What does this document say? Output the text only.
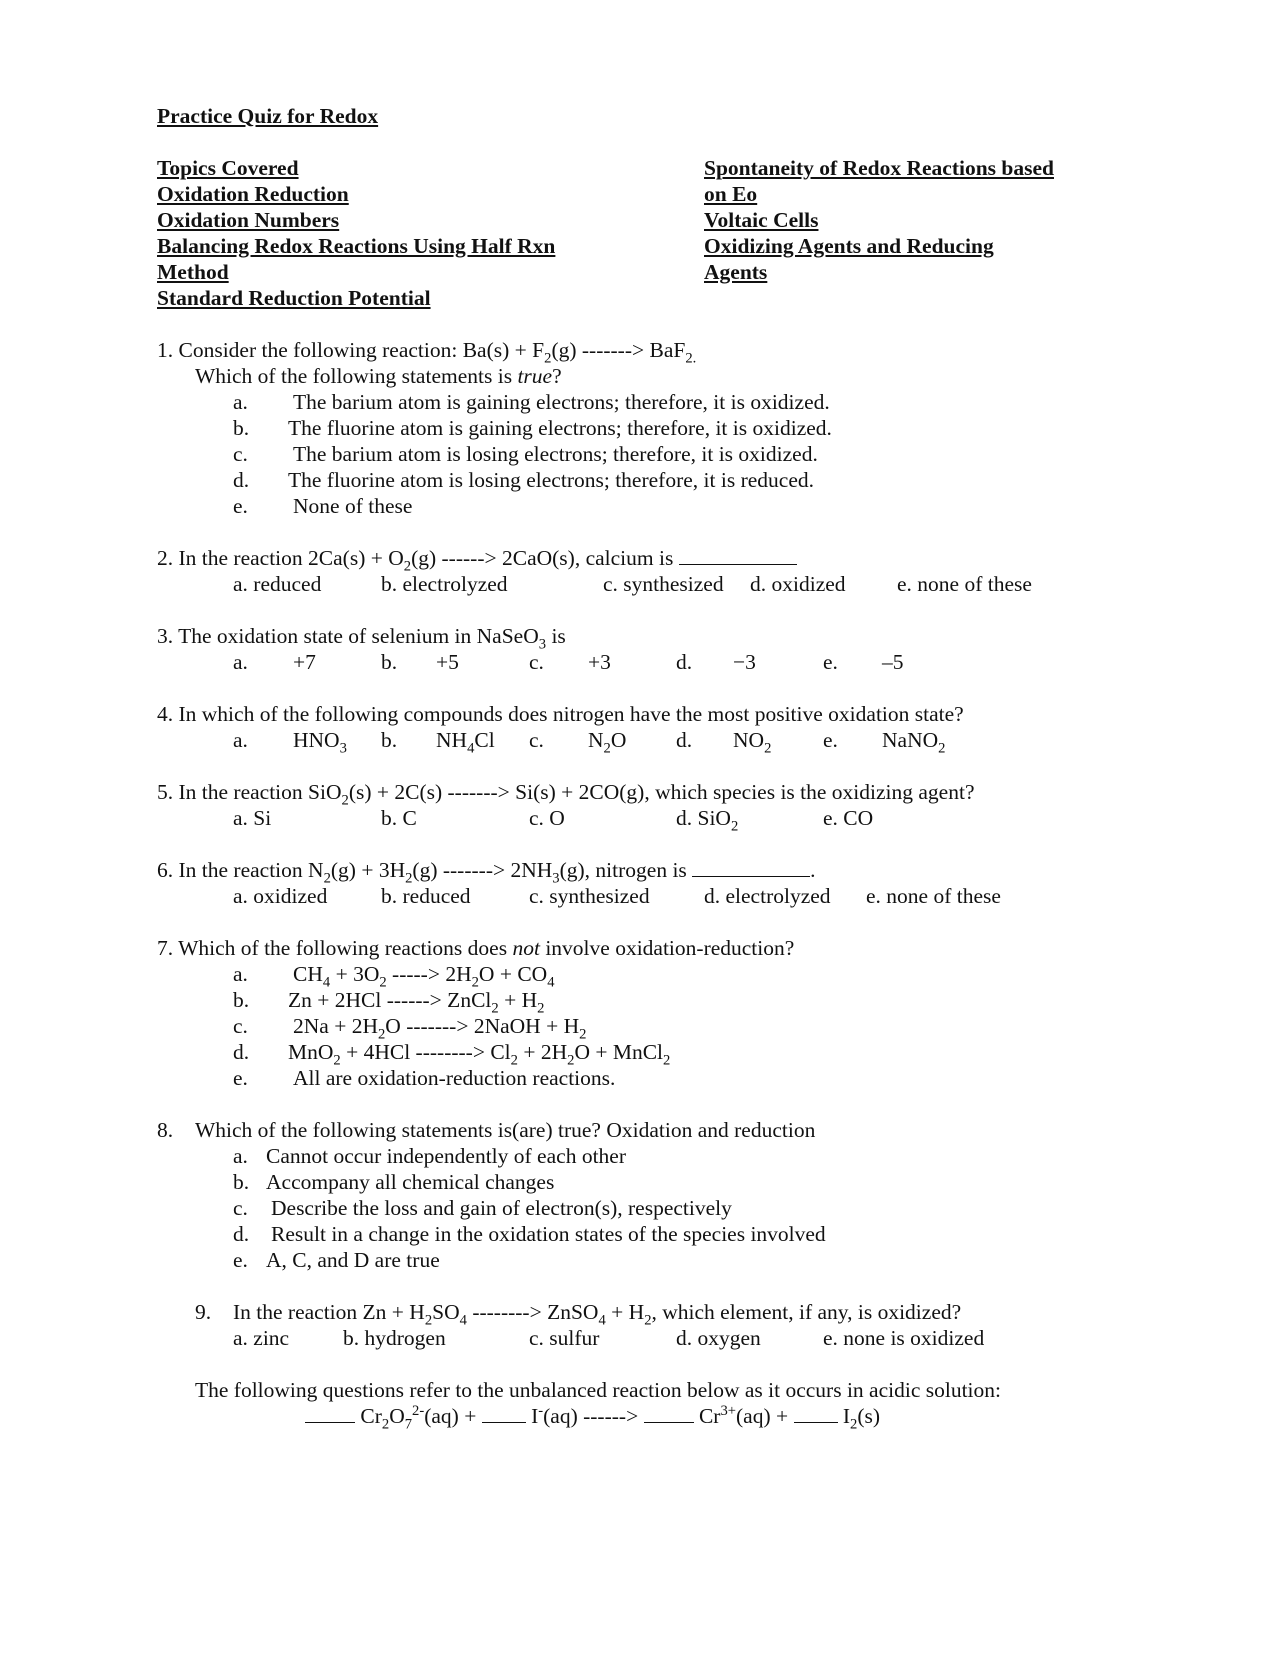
Practice Quiz for Redox
Topics Covered
Oxidation Reduction
Oxidation Numbers
Balancing Redox Reactions Using Half Rxn
Method
Standard Reduction Potential
Spontaneity of Redox Reactions based
on Eo
Voltaic Cells
Oxidizing Agents and Reducing
Agents
1. Consider the following reaction: $Ba(s) + F_2(g)$ -------> BaF$_{2.}$
Which of the following statements is true?
a. The barium atom is gaining electrons; therefore, it is oxidized.
b. The fluorine atom is gaining electrons; therefore, it is oxidized.
c. The barium atom is losing electrons; therefore, it is oxidized.
d. The fluorine atom is losing electrons; therefore, it is reduced.
e. None of these
2. In the reaction $2Ca(s) + O_2(g)$ ------> 2CaO(s), calcium is
a. reduced	b. electrolyzed	c. synthesized d. oxidized e. none of these
3. The oxidation state of selenium in NaSeO$_3$ is
a. +7	b. +5	c. +3	d. −3	e. –5
4. In which of the following compounds does nitrogen have the most positive oxidation state?
a. $HNO_3$ b. $NH_4Cl$ c. $N_2O$ d. $NO_2$ e. NaNO$_2$
5. In the reaction SiO$_2$(s) + 2C(s) -------> Si(s) + 2CO(g), which species is the oxidizing agent?
a. Si	b. C	c. O	d. SiO$_2$	e. CO
6. In the reaction $N_2(g) + 3H_2(g)$ -------> $2NH_3(g)$, nitrogen is	.
a. oxidized b. reduced	c. synthesized	d. electrolyzed e. none of these
7. Which of the following reactions does not involve oxidation-reduction?
a. $CH_4 + 3O_2$ -----> $2H_2O + CO_4$
b. Zn + 2HCl ------> ZnCl$_2$ + $H_2$
c. $2Na + 2H_2O$ -------> 2NaOH + $H_2$
d. MnO$_2$ + 4HCl --------> $Cl_2 + 2H_2O$ + MnCl$_2$
e. All are oxidation-reduction reactions.
8. Which of the following statements is(are) true? Oxidation and reduction
a. Cannot occur independently of each other
b. Accompany all chemical changes
c. Describe the loss and gain of electron(s), respectively
d. Result in a change in the oxidation states of the species involved
e. A, C, and D are true
9. In the reaction $Zn + H_2SO_4$ --------> ZnSO$_4$ + $H_2$, which element, if any, is oxidized?
a. zinc	b. hydrogen	c. sulfur	d. oxygen	e. none is oxidized
The following questions refer to the unbalanced reaction below as it occurs in acidic solution:
$Cr_2O_7^{2-}(aq)$ +	I-(aq) ------>	$Cr^{3+}(aq)$ +	$I_2(s)$
